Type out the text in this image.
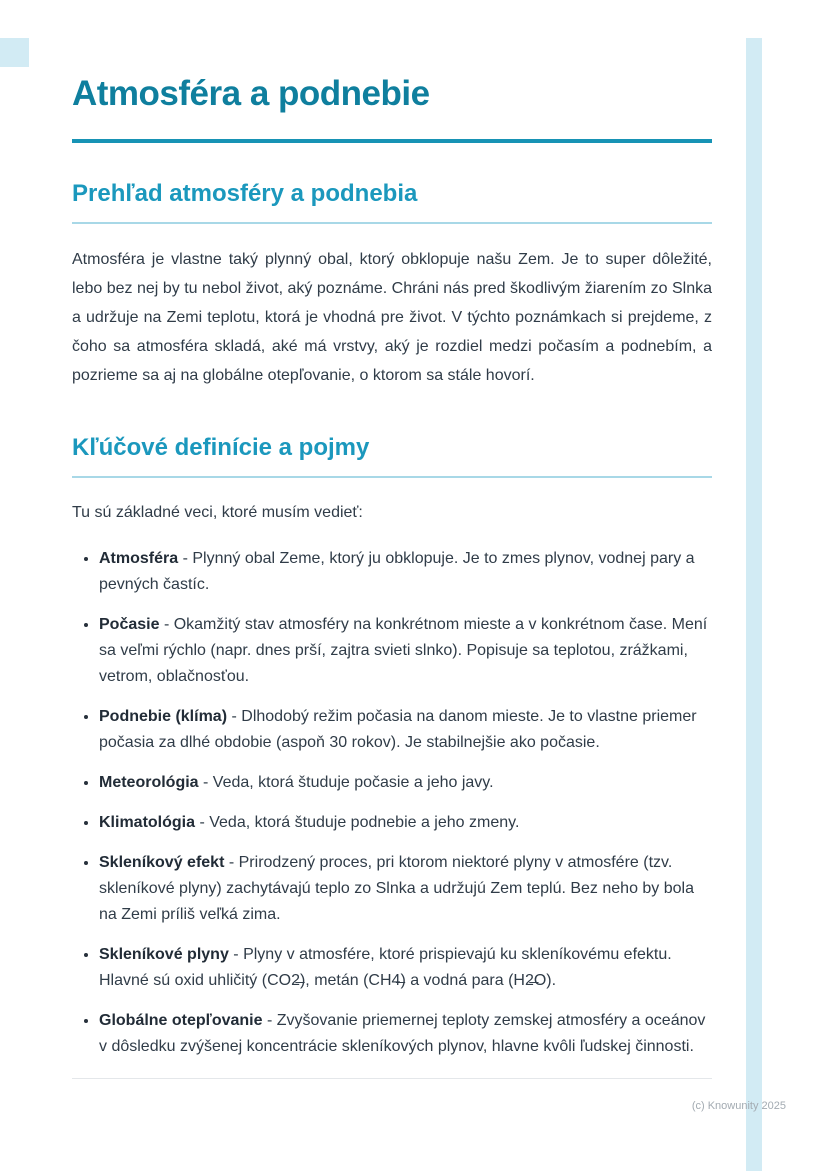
Atmosféra a podnebie
Prehľad atmosféry a podnebia

Atmosféra je vlastne taký plynný obal, ktorý obklopuje našu Zem. Je to super dôležité, lebo bez nej by tu nebol život, aký poznáme. Chráni nás pred škodlivým žiarením zo Slnka a udržuje na Zemi teplotu, ktorá je vhodná pre život. V týchto poznámkach si prejdeme, z čoho sa atmosféra skladá, aké má vrstvy, aký je rozdiel medzi počasím a podnebím, a pozrieme sa aj na globálne otepľovanie, o ktorom sa stále hovorí.

Kľúčové definície a pojmy

Tu sú základné veci, ktoré musím vedieť:

• Atmosféra - Plynný obal Zeme, ktorý ju obklopuje. Je to zmes plynov, vodnej pary a pevných častíc.
• Počasie - Okamžitý stav atmosféry na konkrétnom mieste a v konkrétnom čase. Mení sa veľmi rýchlo (napr. dnes prší, zajtra svieti slnko). Popisuje sa teplotou, zrážkami, vetrom, oblačnosťou.
• Podnebie (klíma) - Dlhodobý režim počasia na danom mieste. Je to vlastne priemer počasia za dlhé obdobie (aspoň 30 rokov). Je stabilnejšie ako počasie.
• Meteorológia - Veda, ktorá študuje počasie a jeho javy.
• Klimatológia - Veda, ktorá študuje podnebie a jeho zmeny.
• Skleníkový efekt - Prirodzený proces, pri ktorom niektoré plyny v atmosfére (tzv. skleníkové plyny) zachytávajú teplo zo Slnka a udržujú Zem teplú. Bez neho by bola na Zemi príliš veľká zima.
• Skleníkové plyny - Plyny v atmosfére, ktoré prispievajú ku skleníkovému efektu. Hlavné sú oxid uhličitý (CO2̶), metán (CH4̶) a vodná para (H2̶O).
• Globálne otepľovanie - Zvyšovanie priemernej teploty zemskej atmosféry a oceánov v dôsledku zvýšenej koncentrácie skleníkových plynov, hlavne kvôli ľudskej činnosti.
(c) Knowunity 2025
